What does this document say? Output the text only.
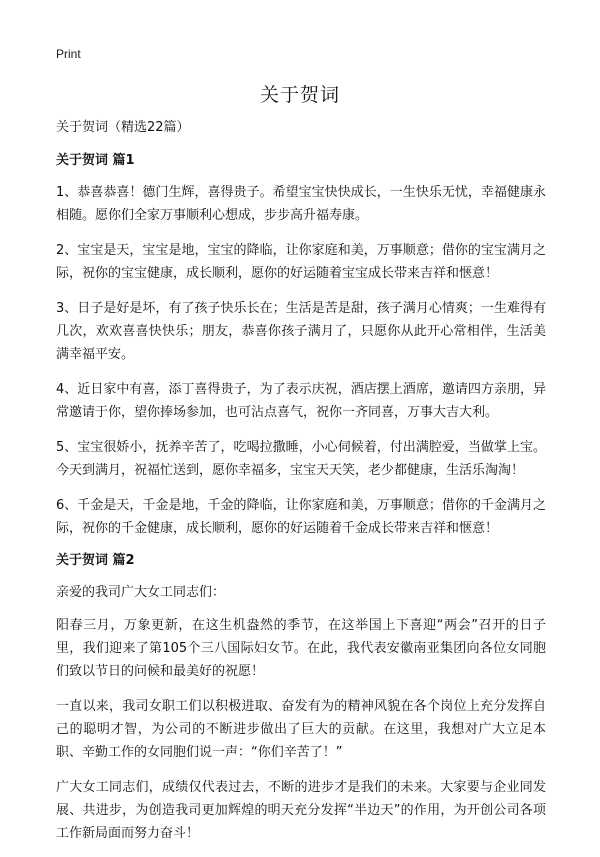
Print
关于贺词

关于贺词（精选22篇）

关于贺词 篇1

1、恭喜恭喜！德门生辉，喜得贵子。希望宝宝快快成长，一生快乐无忧，幸福健康永相随。愿你们全家万事顺利心想成，步步高升福寿康。

2、宝宝是天，宝宝是地，宝宝的降临，让你家庭和美，万事顺意；借你的宝宝满月之际，祝你的宝宝健康，成长顺利，愿你的好运随着宝宝成长带来吉祥和惬意！

3、日子是好是坏，有了孩子快乐长在；生活是苦是甜，孩子满月心情爽；一生难得有几次，欢欢喜喜快快乐；朋友，恭喜你孩子满月了，只愿你从此开心常相伴，生活美满幸福平安。

4、近日家中有喜，添丁喜得贵子，为了表示庆祝，酒店摆上酒席，邀请四方亲朋，异常邀请于你，望你捧场参加，也可沾点喜气，祝你一齐同喜，万事大吉大利。

5、宝宝很娇小，抚养辛苦了，吃喝拉撒睡，小心伺候着，付出满腔爱，当做掌上宝。今天到满月，祝福忙送到，愿你幸福多，宝宝天天笑，老少都健康，生活乐淘淘！

6、千金是天，千金是地，千金的降临，让你家庭和美，万事顺意；借你的千金满月之际，祝你的千金健康，成长顺利，愿你的好运随着千金成长带来吉祥和惬意！

关于贺词 篇2

亲爱的我司广大女工同志们：

阳春三月，万象更新，在这生机盎然的季节，在这举国上下喜迎“两会”召开的日子里，我们迎来了第105个三八国际妇女节。在此，我代表安徽南亚集团向各位女同胞们致以节日的问候和最美好的祝愿！

一直以来，我司女职工们以积极进取、奋发有为的精神风貌在各个岗位上充分发挥自己的聪明才智，为公司的不断进步做出了巨大的贡献。在这里，我想对广大立足本职、辛勤工作的女同胞们说一声：“你们辛苦了！”

广大女工同志们，成绩仅代表过去，不断的进步才是我们的未来。大家要与企业同发展、共进步，为创造我司更加辉煌的明天充分发挥“半边天”的作用，为开创公司各项工作新局面而努力奋斗！
